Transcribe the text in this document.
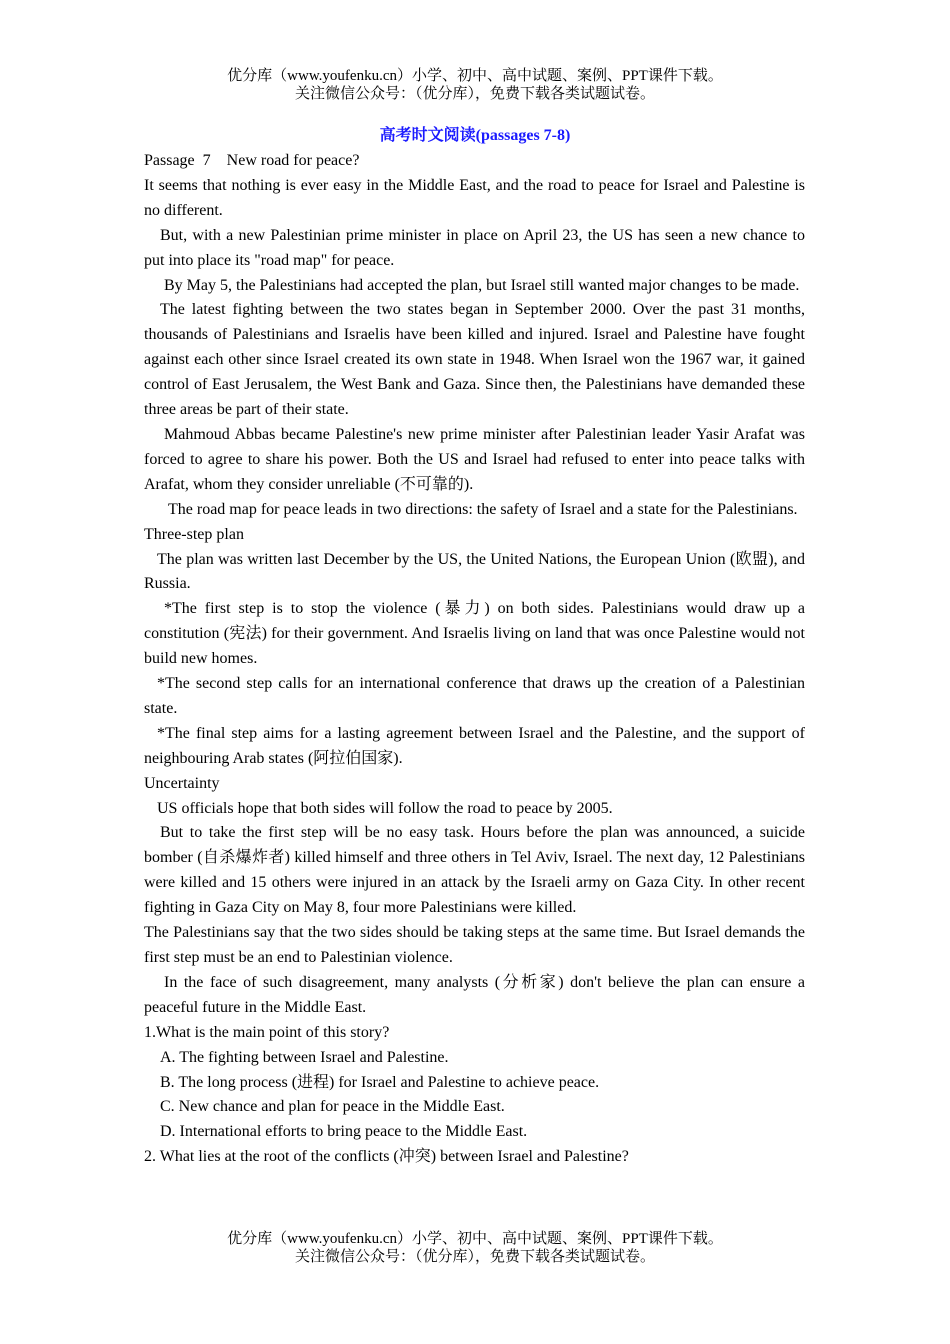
优分库（www.youfenku.cn）小学、初中、高中试题、案例、PPT课件下载。
关注微信公众号：（优分库），免费下载各类试题试卷。
高考时文阅读(passages 7-8)

Passage  7    New road for peace?

It seems that nothing is ever easy in the Middle East, and the road to peace for Israel and Palestine is no different.

But, with a new Palestinian prime minister in place on April 23, the US has seen a new chance to put into place its "road map" for peace.

By May 5, the Palestinians had accepted the plan, but Israel still wanted major changes to be made.

The latest fighting between the two states began in September 2000. Over the past 31 months, thousands of Palestinians and Israelis have been killed and injured. Israel and Palestine have fought against each other since Israel created its own state in 1948. When Israel won the 1967 war, it gained control of East Jerusalem, the West Bank and Gaza. Since then, the Palestinians have demanded these three areas be part of their state.

Mahmoud Abbas became Palestine's new prime minister after Palestinian leader Yasir Arafat was forced to agree to share his power. Both the US and Israel had refused to enter into peace talks with Arafat, whom they consider unreliable (不可靠的).

The road map for peace leads in two directions: the safety of Israel and a state for the Palestinians.

Three-step plan

The plan was written last December by the US, the United Nations, the European Union (欧盟), and Russia.

*The first step is to stop the violence (暴力) on both sides. Palestinians would draw up a constitution (宪法) for their government. And Israelis living on land that was once Palestine would not build new homes.

*The second step calls for an international conference that draws up the creation of a Palestinian state.

*The final step aims for a lasting agreement between Israel and the Palestine, and the support of neighbouring Arab states (阿拉伯国家).

Uncertainty

US officials hope that both sides will follow the road to peace by 2005.

But to take the first step will be no easy task. Hours before the plan was announced, a suicide bomber (自杀爆炸者) killed himself and three others in Tel Aviv, Israel. The next day, 12 Palestinians were killed and 15 others were injured in an attack by the Israeli army on Gaza City. In other recent fighting in Gaza City on May 8, four more Palestinians were killed.

The Palestinians say that the two sides should be taking steps at the same time. But Israel demands the first step must be an end to Palestinian violence.

In the face of such disagreement, many analysts (分析家) don't believe the plan can ensure a peaceful future in the Middle East.

1.What is the main point of this story?

A. The fighting between Israel and Palestine.

B. The long process (进程) for Israel and Palestine to achieve peace.

C. New chance and plan for peace in the Middle East.

D. International efforts to bring peace to the Middle East.

2. What lies at the root of the conflicts (冲突) between Israel and Palestine?

优分库（www.youfenku.cn）小学、初中、高中试题、案例、PPT课件下载。
关注微信公众号：（优分库），免费下载各类试题试卷。
